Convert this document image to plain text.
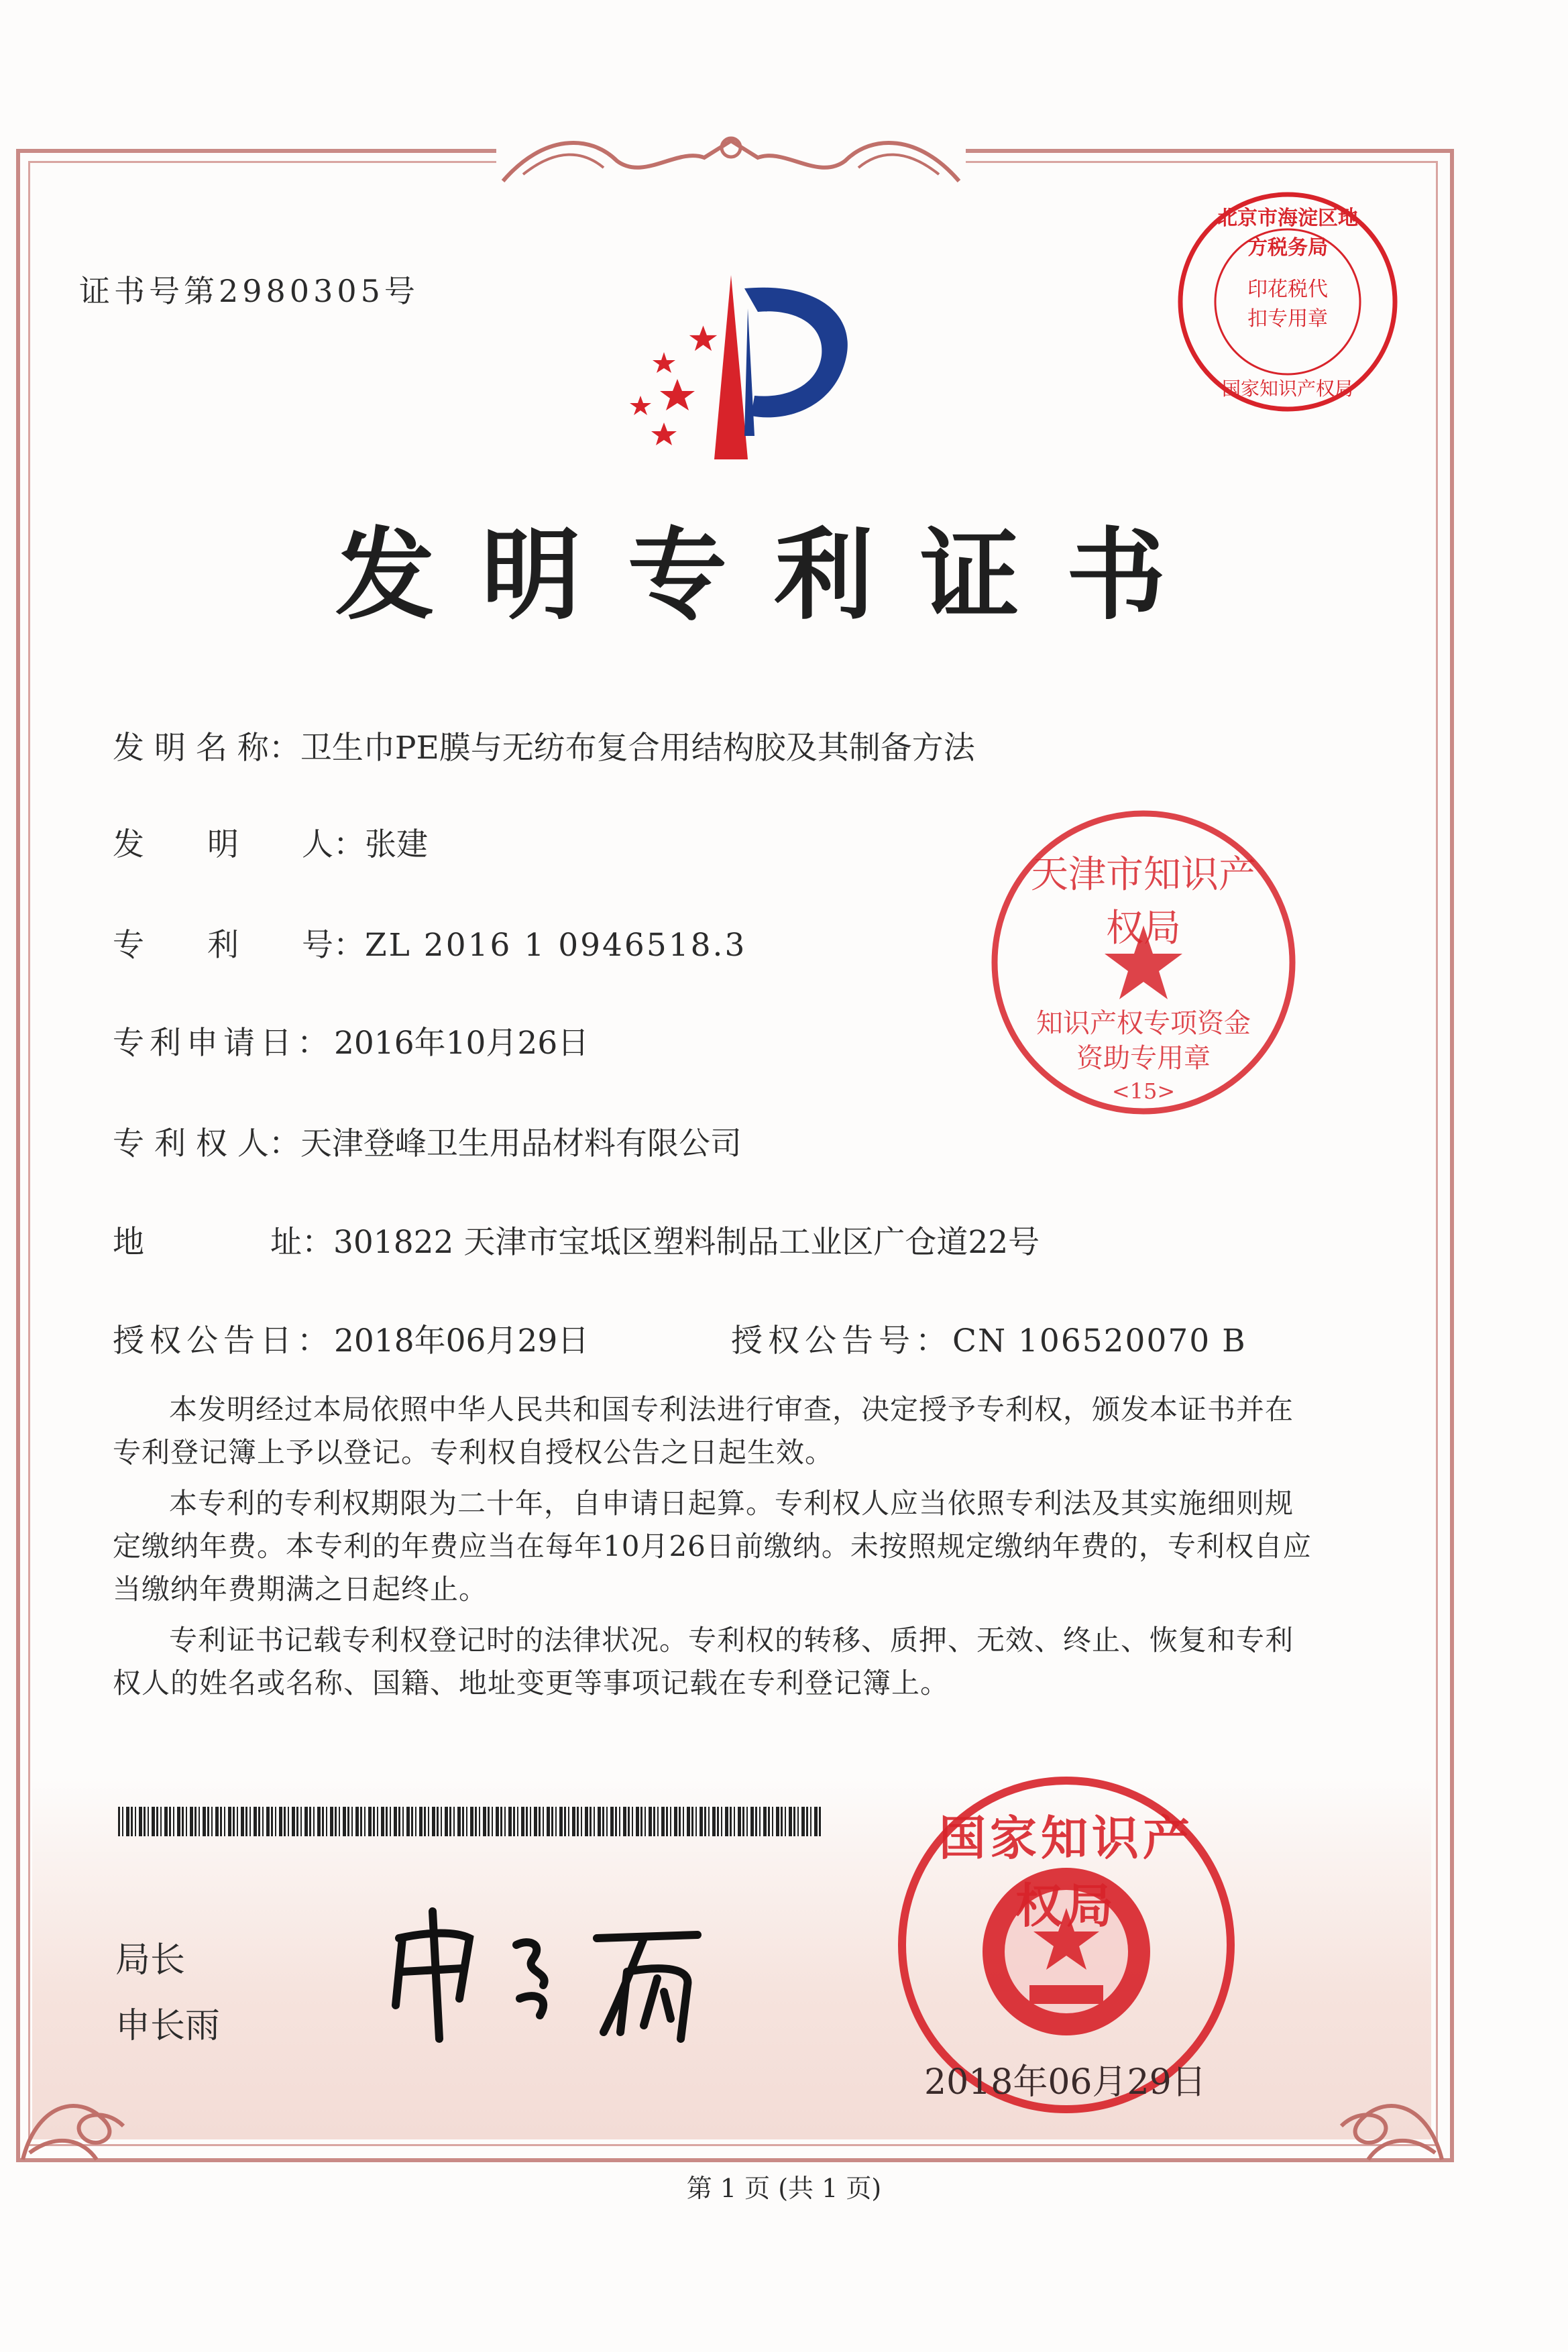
证书号第2980305号
北京市海淀区地方税务局
印花税代扣专用章
国家知识产权局
发明专利证书
发 明 名 称：卫生巾PE膜与无纺布复合用结构胶及其制备方法
发　　明　　人：张建
专　　利　　号：ZL 2016 1 0946518.3
专利申请日：2016年10月26日
专 利 权 人：天津登峰卫生用品材料有限公司
地　　　　址：301822 天津市宝坻区塑料制品工业区广仓道22号
授权公告日：2018年06月29日	授权公告号：CN 106520070 B
天津市知识产权局
知识产权专项资金资助专用章
<15>

本发明经过本局依照中华人民共和国专利法进行审查，决定授予专利权，颁发本证书并在专利登记簿上予以登记。专利权自授权公告之日起生效。

本专利的专利权期限为二十年，自申请日起算。专利权人应当依照专利法及其实施细则规定缴纳年费。本专利的年费应当在每年10月26日前缴纳。未按照规定缴纳年费的，专利权自应当缴纳年费期满之日起终止。

专利证书记载专利权登记时的法律状况。专利权的转移、质押、无效、终止、恢复和专利权人的姓名或名称、国籍、地址变更等事项记载在专利登记簿上。

局长
申长雨
国家知识产权局
2018年06月29日
第 1 页 (共 1 页)
